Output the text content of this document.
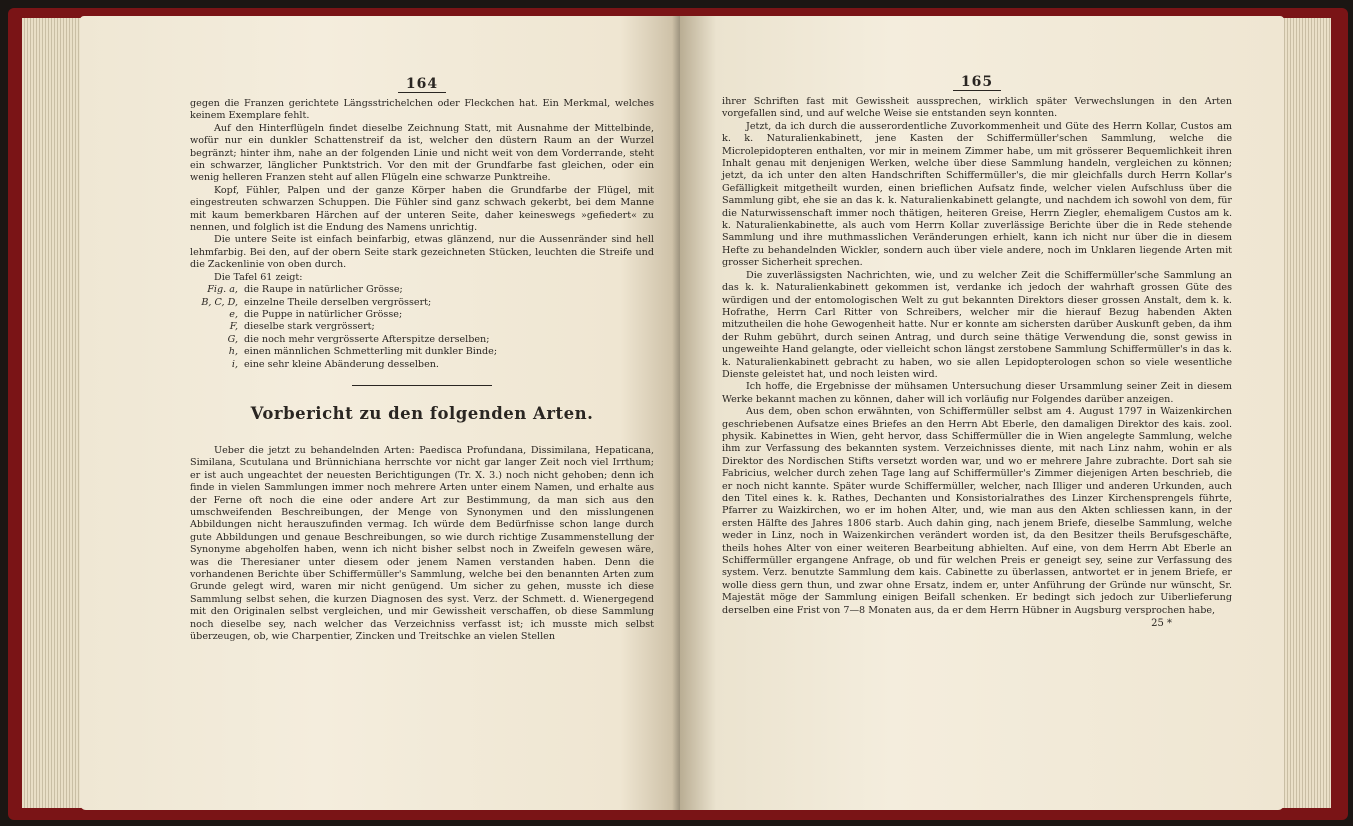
164

gegen die Franzen gerichtete Längsstrichelchen oder Fleckchen hat. Ein Merkmal, welches keinem Exemplare fehlt.

Auf den Hinterflügeln findet dieselbe Zeichnung Statt, mit Ausnahme der Mittelbinde, wofür nur ein dunkler Schattenstreif da ist, welcher den düstern Raum an der Wurzel begränzt; hinter ihm, nahe an der folgenden Linie und nicht weit von dem Vorderrande, steht ein schwarzer, länglicher Punktstrich. Vor den mit der Grundfarbe fast gleichen, oder ein wenig helleren Franzen steht auf allen Flügeln eine schwarze Punktreihe.

Kopf, Fühler, Palpen und der ganze Körper haben die Grundfarbe der Flügel, mit eingestreuten schwarzen Schuppen. Die Fühler sind ganz schwach gekerbt, bei dem Manne mit kaum bemerkbaren Härchen auf der unteren Seite, daher keineswegs »gefiedert« zu nennen, und folglich ist die Endung des Namens unrichtig.

Die untere Seite ist einfach beinfarbig, etwas glänzend, nur die Aussenränder sind hell lehmfarbig. Bei den, auf der obern Seite stark gezeichneten Stücken, leuchten die Streife und die Zackenlinie von oben durch.

Die Tafel 61 zeigt:

Fig. a, die Raupe in natürlicher Grösse;
B, C, D, einzelne Theile derselben vergrössert;
e, die Puppe in natürlicher Grösse;
F, dieselbe stark vergrössert;
G, die noch mehr vergrösserte Afterspitze derselben;
h, einen männlichen Schmetterling mit dunkler Binde;
i, eine sehr kleine Abänderung desselben.
Vorbericht zu den folgenden Arten.

Ueber die jetzt zu behandelnden Arten: Paedisca Profundana, Dissimilana, Hepaticana, Similana, Scutulana und Brünnichiana herrschte vor nicht gar langer Zeit noch viel Irrthum; er ist auch ungeachtet der neuesten Berichtigungen (Tr. X. 3.) noch nicht gehoben; denn ich finde in vielen Sammlungen immer noch mehrere Arten unter einem Namen, und erhalte aus der Ferne oft noch die eine oder andere Art zur Bestimmung, da man sich aus den umschweifenden Beschreibungen, der Menge von Synonymen und den misslungenen Abbildungen nicht herauszufinden vermag. Ich würde dem Bedürfnisse schon lange durch gute Abbildungen und genaue Beschreibungen, so wie durch richtige Zusammenstellung der Synonyme abgeholfen haben, wenn ich nicht bisher selbst noch in Zweifeln gewesen wäre, was die Theresianer unter diesem oder jenem Namen verstanden haben. Denn die vorhandenen Berichte über Schiffermüller's Sammlung, welche bei den benannten Arten zum Grunde gelegt wird, waren mir nicht genügend. Um sicher zu gehen, musste ich diese Sammlung selbst sehen, die kurzen Diagnosen des syst. Verz. der Schmett. d. Wienergegend mit den Originalen selbst vergleichen, und mir Gewissheit verschaffen, ob diese Sammlung noch dieselbe sey, nach welcher das Verzeichniss verfasst ist; ich musste mich selbst überzeugen, ob, wie Charpentier, Zincken und Treitschke an vielen Stellen

165

ihrer Schriften fast mit Gewissheit aussprechen, wirklich später Verwechslungen in den Arten vorgefallen sind, und auf welche Weise sie entstanden seyn konnten.

Jetzt, da ich durch die ausserordentliche Zuvorkommenheit und Güte des Herrn Kollar, Custos am k. k. Naturalienkabinett, jene Kasten der Schiffermüller'schen Sammlung, welche die Microlepidopteren enthalten, vor mir in meinem Zimmer habe, um mit grösserer Bequemlichkeit ihren Inhalt genau mit denjenigen Werken, welche über diese Sammlung handeln, vergleichen zu können; jetzt, da ich unter den alten Handschriften Schiffermüller's, die mir gleichfalls durch Herrn Kollar's Gefälligkeit mitgetheilt wurden, einen brieflichen Aufsatz finde, welcher vielen Aufschluss über die Sammlung gibt, ehe sie an das k. k. Naturalienkabinett gelangte, und nachdem ich sowohl von dem, für die Naturwissenschaft immer noch thätigen, heiteren Greise, Herrn Ziegler, ehemaligem Custos am k. k. Naturalienkabinette, als auch vom Herrn Kollar zuverlässige Berichte über die in Rede stehende Sammlung und ihre muthmasslichen Veränderungen erhielt, kann ich nicht nur über die in diesem Hefte zu behandelnden Wickler, sondern auch über viele andere, noch im Unklaren liegende Arten mit grosser Sicherheit sprechen.

Die zuverlässigsten Nachrichten, wie, und zu welcher Zeit die Schiffermüller'sche Sammlung an das k. k. Naturalienkabinett gekommen ist, verdanke ich jedoch der wahrhaft grossen Güte des würdigen und der entomologischen Welt zu gut bekannten Direktors dieser grossen Anstalt, dem k. k. Hofrathe, Herrn Carl Ritter von Schreibers, welcher mir die hierauf Bezug habenden Akten mitzutheilen die hohe Gewogenheit hatte. Nur er konnte am sichersten darüber Auskunft geben, da ihm der Ruhm gebührt, durch seinen Antrag, und durch seine thätige Verwendung die, sonst gewiss in ungeweihte Hand gelangte, oder vielleicht schon längst zerstobene Sammlung Schiffermüller's in das k. k. Naturalienkabinett gebracht zu haben, wo sie allen Lepidopterologen schon so viele wesentliche Dienste geleistet hat, und noch leisten wird.

Ich hoffe, die Ergebnisse der mühsamen Untersuchung dieser Ursammlung seiner Zeit in diesem Werke bekannt machen zu können, daher will ich vorläufig nur Folgendes darüber anzeigen.

Aus dem, oben schon erwähnten, von Schiffermüller selbst am 4. August 1797 in Waizenkirchen geschriebenen Aufsatze eines Briefes an den Herrn Abt Eberle, den damaligen Direktor des kais. zool. physik. Kabinettes in Wien, geht hervor, dass Schiffermüller die in Wien angelegte Sammlung, welche ihm zur Verfassung des bekannten system. Verzeichnisses diente, mit nach Linz nahm, wohin er als Direktor des Nordischen Stifts versetzt worden war, und wo er mehrere Jahre zubrachte. Dort sah sie Fabricius, welcher durch zehen Tage lang auf Schiffermüller's Zimmer diejenigen Arten beschrieb, die er noch nicht kannte. Später wurde Schiffermüller, welcher, nach Illiger und anderen Urkunden, auch den Titel eines k. k. Rathes, Dechanten und Konsistorialrathes des Linzer Kirchensprengels führte, Pfarrer zu Waizkirchen, wo er im hohen Alter, und, wie man aus den Akten schliessen kann, in der ersten Hälfte des Jahres 1806 starb. Auch dahin ging, nach jenem Briefe, dieselbe Sammlung, welche weder in Linz, noch in Waizenkirchen verändert worden ist, da den Besitzer theils Berufsgeschäfte, theils hohes Alter von einer weiteren Bearbeitung abhielten. Auf eine, von dem Herrn Abt Eberle an Schiffermüller ergangene Anfrage, ob und für welchen Preis er geneigt sey, seine zur Verfassung des system. Verz. benutzte Sammlung dem kais. Cabinette zu überlassen, antwortet er in jenem Briefe, er wolle diess gern thun, und zwar ohne Ersatz, indem er, unter Anführung der Gründe nur wünscht, Sr. Majestät möge der Sammlung einigen Beifall schenken. Er bedingt sich jedoch zur Uiberlieferung derselben eine Frist von 7—8 Monaten aus, da er dem Herrn Hübner in Augsburg versprochen habe,

25 *
